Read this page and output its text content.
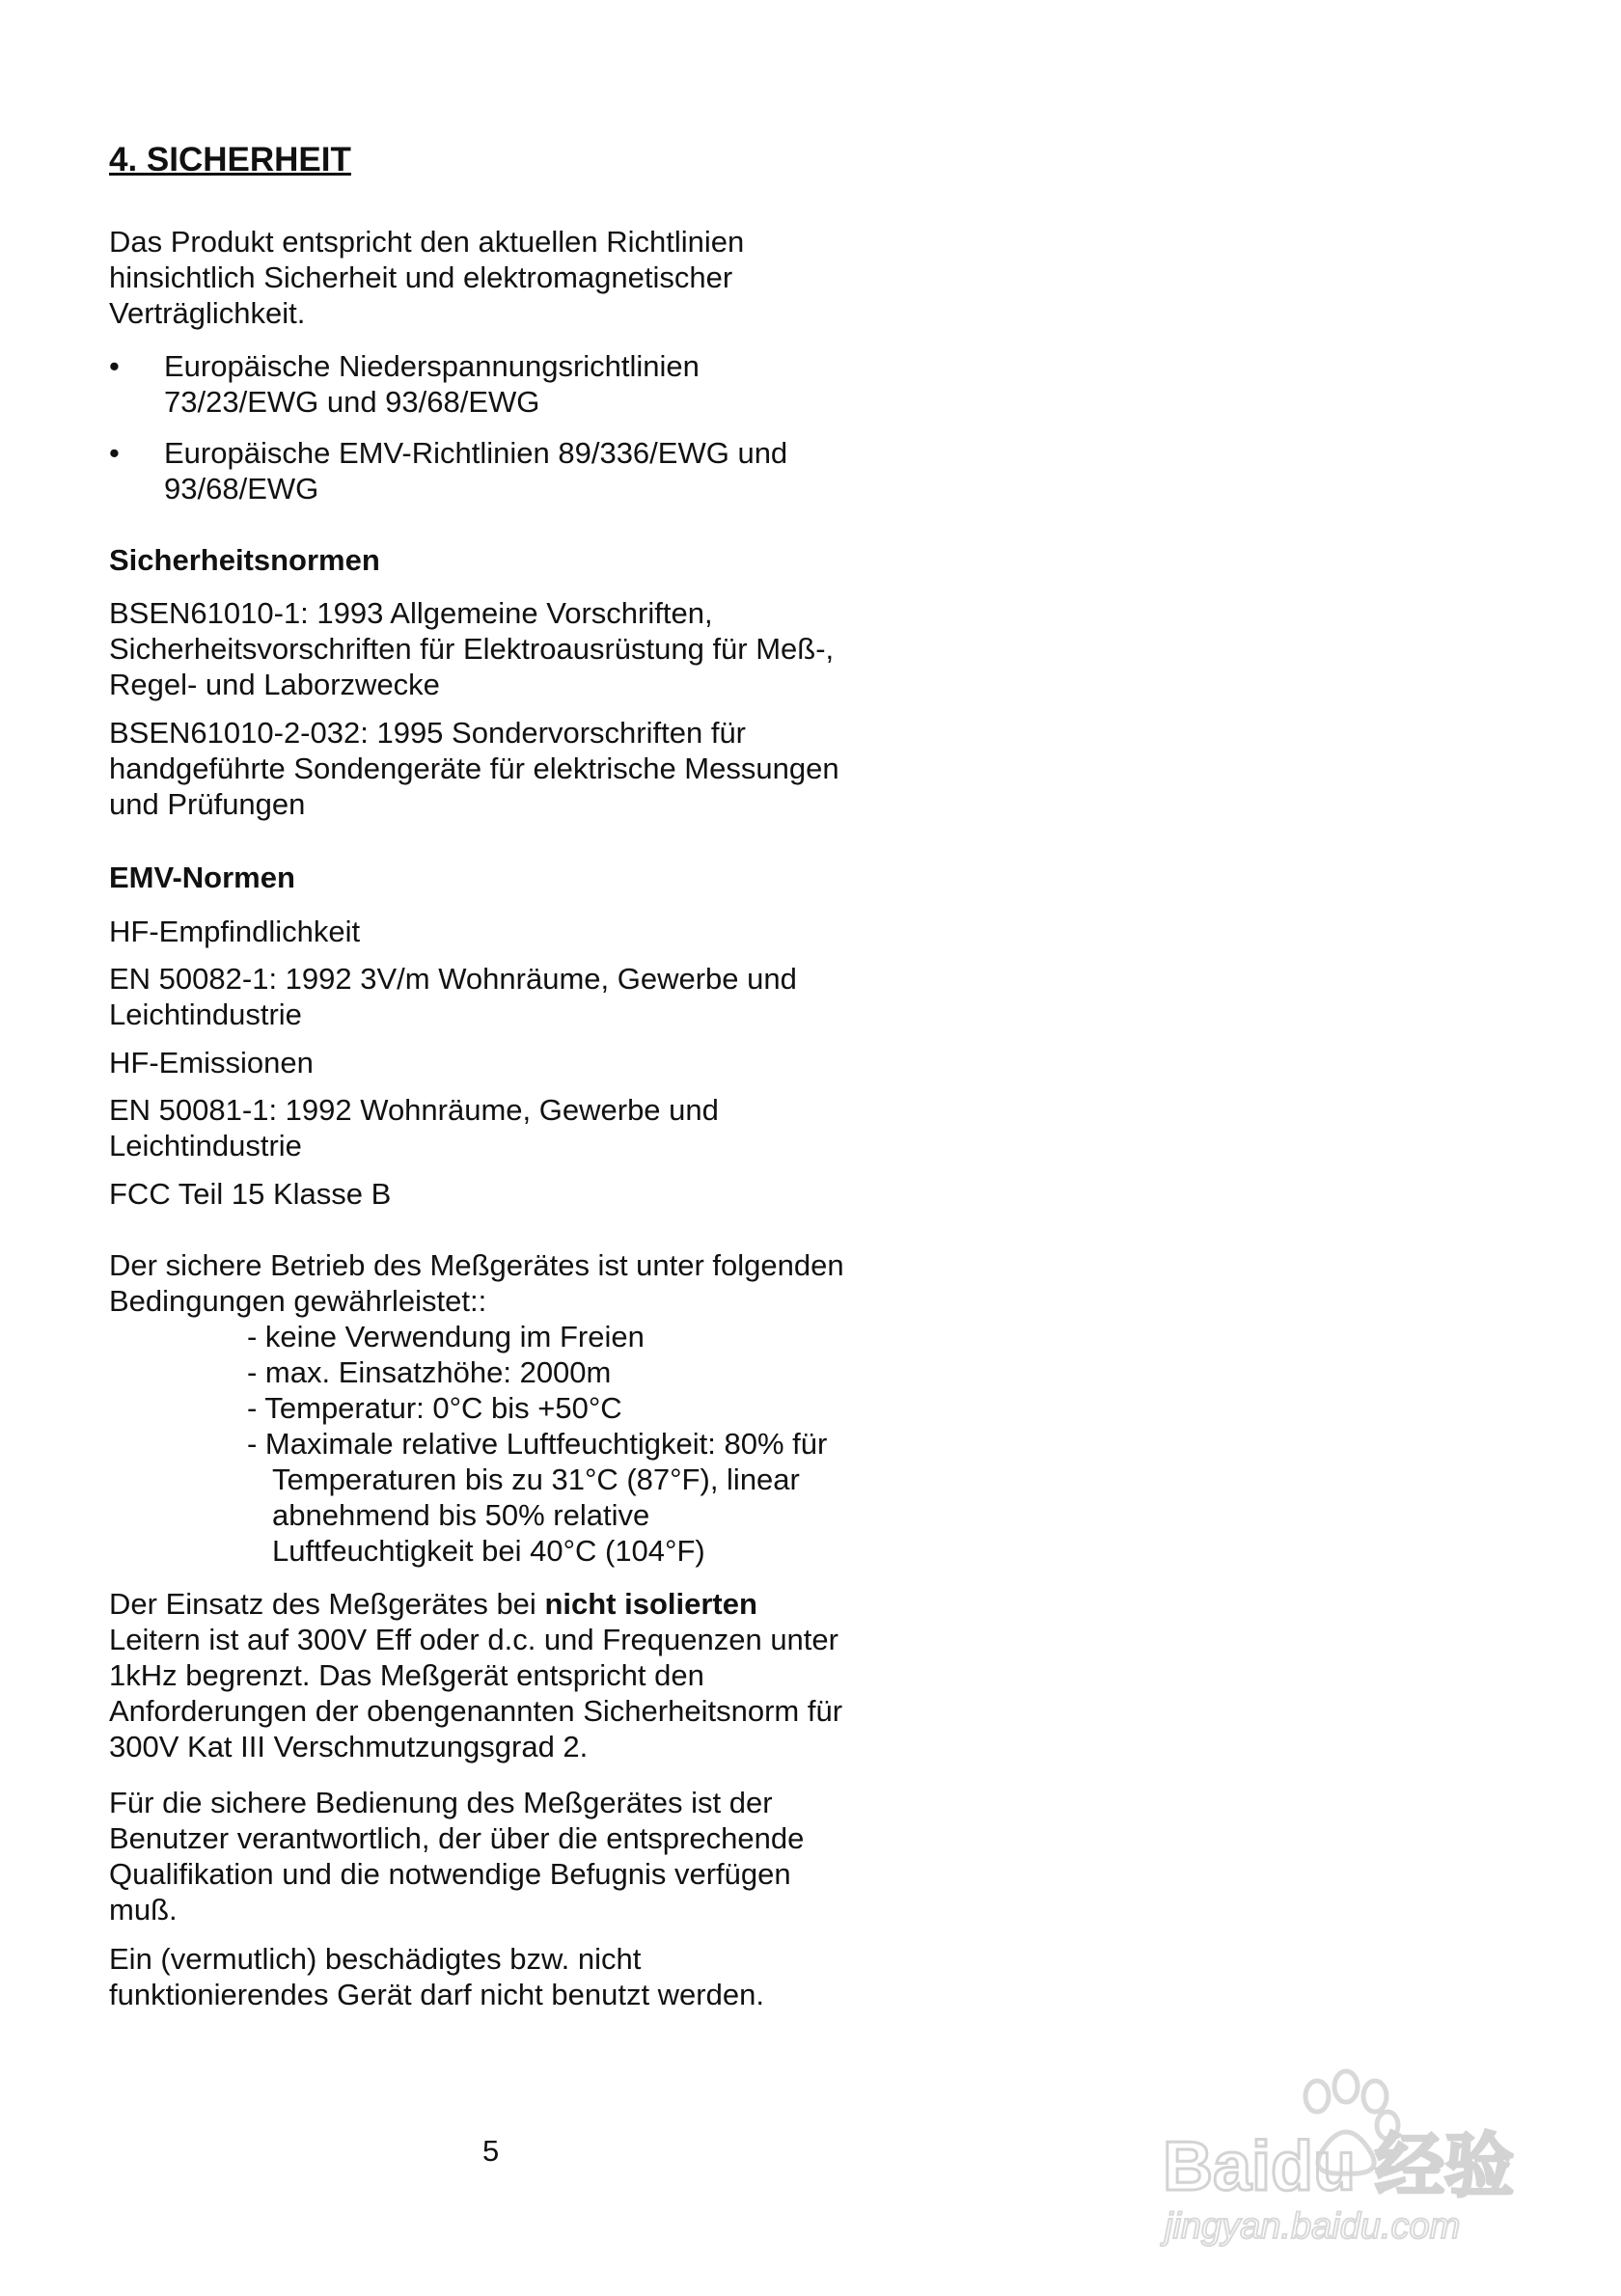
4. SICHERHEIT
Das Produkt entspricht den aktuellen Richtlinien
hinsichtlich Sicherheit und elektromagnetischer
Verträglichkeit.
• Europäische Niederspannungsrichtlinien
73/23/EWG und 93/68/EWG
• Europäische EMV-Richtlinien 89/336/EWG und
93/68/EWG
Sicherheitsnormen
BSEN61010-1: 1993 Allgemeine Vorschriften,
Sicherheitsvorschriften für Elektroausrüstung für Meß-,
Regel- und Laborzwecke
BSEN61010-2-032: 1995 Sondervorschriften für
handgeführte Sondengeräte für elektrische Messungen
und Prüfungen
EMV-Normen
HF-Empfindlichkeit
EN 50082-1: 1992 3V/m Wohnräume, Gewerbe und
Leichtindustrie
HF-Emissionen
EN 50081-1: 1992 Wohnräume, Gewerbe und
Leichtindustrie
FCC Teil 15 Klasse B
Der sichere Betrieb des Meßgerätes ist unter folgenden
Bedingungen gewährleistet::
- keine Verwendung im Freien
- max. Einsatzhöhe: 2000m
- Temperatur: 0°C bis +50°C
- Maximale relative Luftfeuchtigkeit: 80% für
Temperaturen bis zu 31°C (87°F), linear
abnehmend bis 50% relative
Luftfeuchtigkeit bei 40°C (104°F)
Der Einsatz des Meßgerätes bei nicht isolierten
Leitern ist auf 300V Eff oder d.c. und Frequenzen unter
1kHz begrenzt. Das Meßgerät entspricht den
Anforderungen der obengenannten Sicherheitsnorm für
300V Kat III Verschmutzungsgrad 2.
Für die sichere Bedienung des Meßgerätes ist der
Benutzer verantwortlich, der über die entsprechende
Qualifikation und die notwendige Befugnis verfügen
muß.
Ein (vermutlich) beschädigtes bzw. nicht
funktionierendes Gerät darf nicht benutzt werden.
5	Baidu 经验
jingyan.baidu.com
